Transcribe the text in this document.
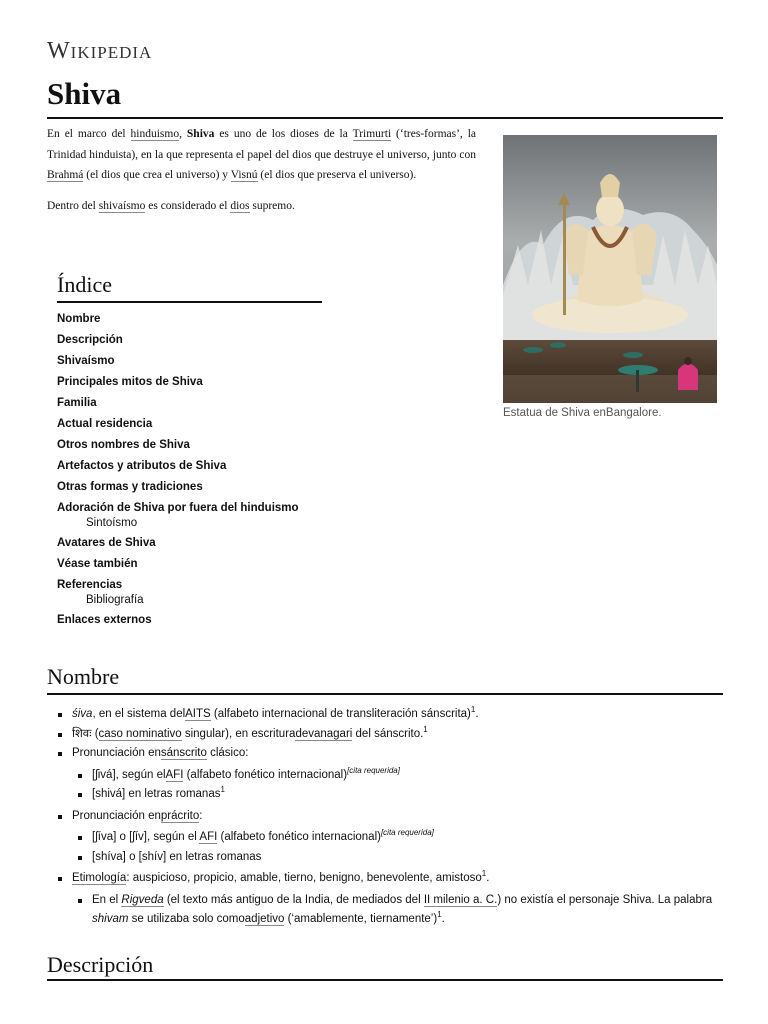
Wikipedia
Shiva

En el marco del hinduismo, Shiva es uno de los dioses de la Trimurti (‘tres-formas’, la Trinidad hinduista), en la que representa el papel del dios que destruye el universo, junto con Brahmá (el dios que crea el universo) y Visnú (el dios que preserva el universo).

Dentro del shivaísmo es considerado el dios supremo.

Estatua de Shiva enBangalore.
Índice
Nombre
Descripción
Shivaísmo
Principales mitos de Shiva
Familia
Actual residencia
Otros nombres de Shiva
Artefactos y atributos de Shiva
Otras formas y tradiciones
Adoración de Shiva por fuera del hinduismo
Sintoísmo
Avatares de Shiva
Véase también
Referencias
Bibliografía
Enlaces externos
Nombre
śiva, en el sistema delAITS (alfabeto internacional de transliteración sánscrita)$^1$.
शिवः (caso nominativo singular), en escrituradevanagari del sánscrito.$^1$
Pronunciación ensánscrito clásico:
[ʃivá], según elAFI (alfabeto fonético internacional)[cita requerida]
[shivá] en letras romanas$^1$
Pronunciación enprácrito:
[ʃíva] o [ʃív], según el AFI (alfabeto fonético internacional)[cita requerida]
[shíva] o [shív] en letras romanas
Etimología: auspicioso, propicio, amable, tierno, benigno, benevolente, amistoso$^1$.
En el Rigveda (el texto más antiguo de la India, de mediados del II milenio a. C.) no existía el personaje Shiva. La palabra shivam se utilizaba solo comoadjetivo (‘amablemente, tiernamente’)$^1$.
Descripción
